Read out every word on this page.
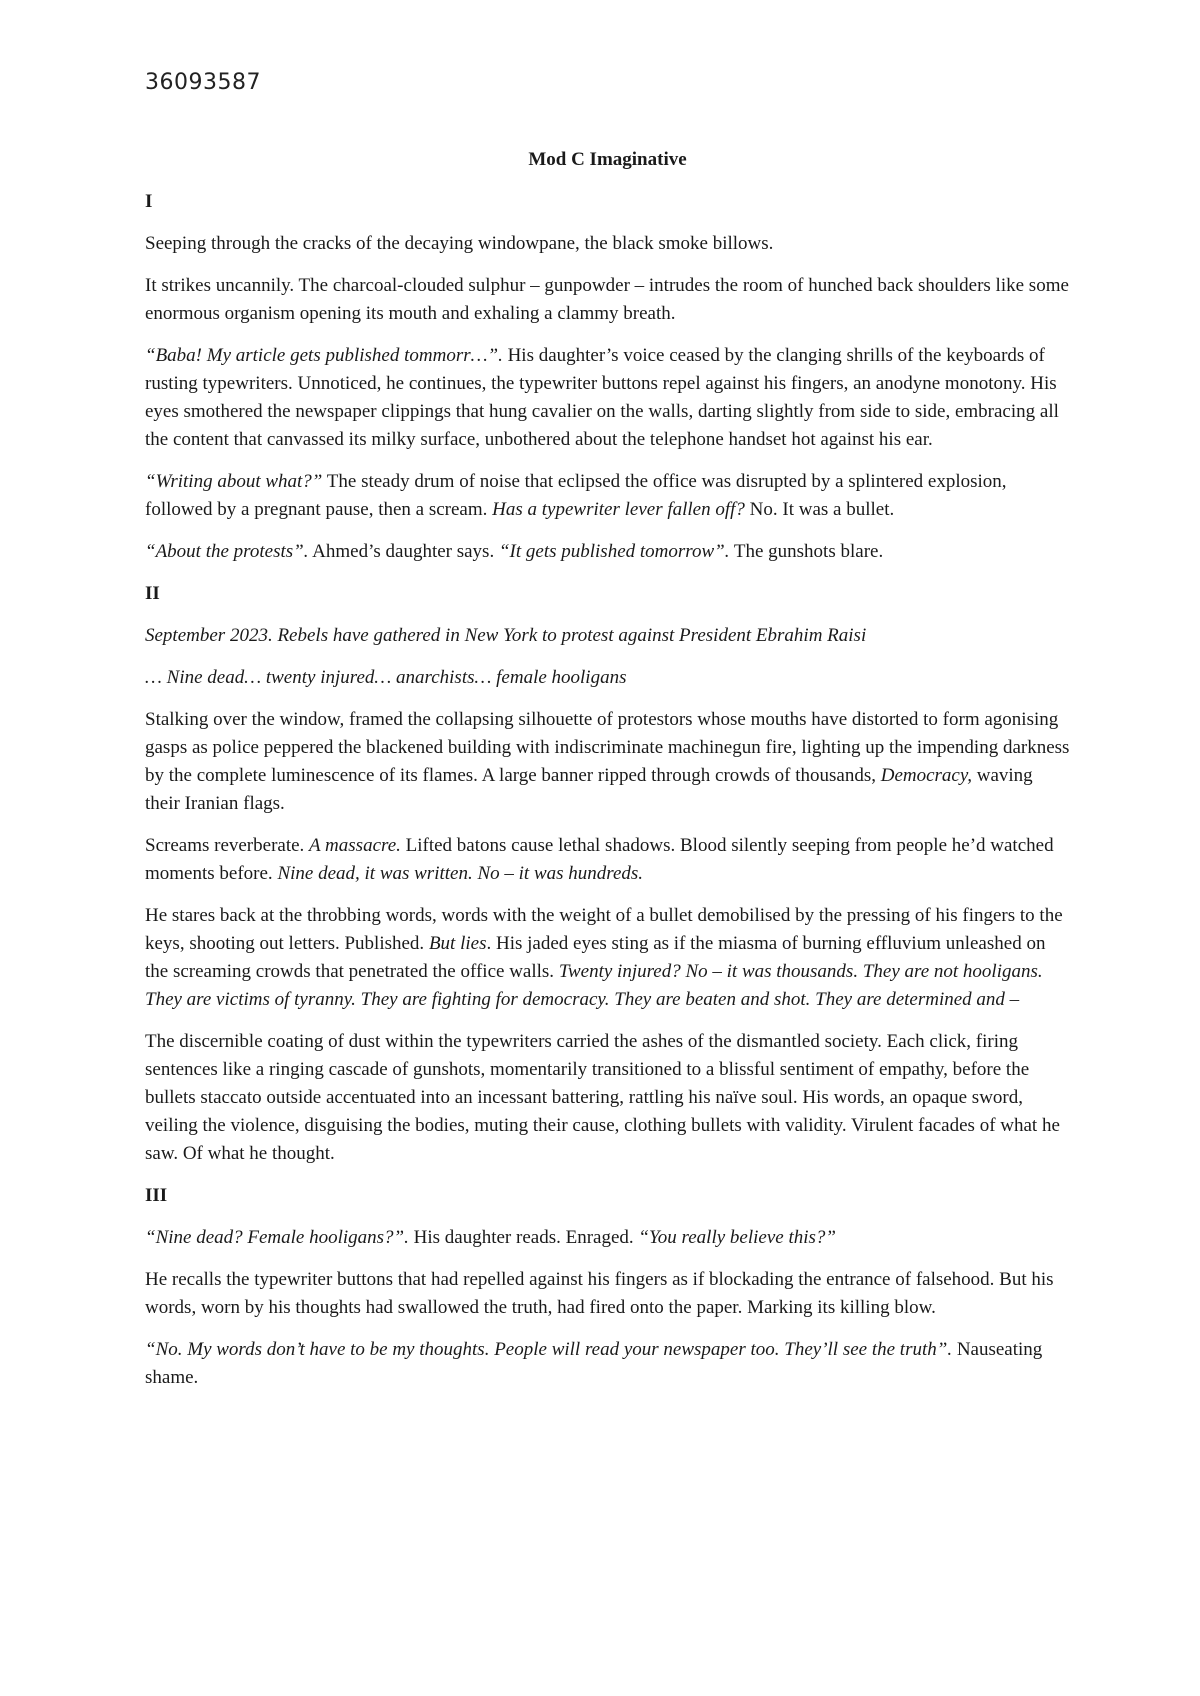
36093587
Mod C Imaginative
I

Seeping through the cracks of the decaying windowpane, the black smoke billows.

It strikes uncannily. The charcoal-clouded sulphur – gunpowder – intrudes the room of hunched back shoulders like some enormous organism opening its mouth and exhaling a clammy breath.

“Baba! My article gets published tommorr…”. His daughter’s voice ceased by the clanging shrills of the keyboards of rusting typewriters. Unnoticed, he continues, the typewriter buttons repel against his fingers, an anodyne monotony. His eyes smothered the newspaper clippings that hung cavalier on the walls, darting slightly from side to side, embracing all the content that canvassed its milky surface, unbothered about the telephone handset hot against his ear.

“Writing about what?” The steady drum of noise that eclipsed the office was disrupted by a splintered explosion, followed by a pregnant pause, then a scream. Has a typewriter lever fallen off? No. It was a bullet.

“About the protests”. Ahmed’s daughter says. “It gets published tomorrow”. The gunshots blare.

II

September 2023. Rebels have gathered in New York to protest against President Ebrahim Raisi

… Nine dead… twenty injured… anarchists… female hooligans

Stalking over the window, framed the collapsing silhouette of protestors whose mouths have distorted to form agonising gasps as police peppered the blackened building with indiscriminate machinegun fire, lighting up the impending darkness by the complete luminescence of its flames. A large banner ripped through crowds of thousands, Democracy, waving their Iranian flags.

Screams reverberate. A massacre. Lifted batons cause lethal shadows. Blood silently seeping from people he’d watched moments before. Nine dead, it was written. No – it was hundreds.

He stares back at the throbbing words, words with the weight of a bullet demobilised by the pressing of his fingers to the keys, shooting out letters. Published. But lies. His jaded eyes sting as if the miasma of burning effluvium unleashed on the screaming crowds that penetrated the office walls. Twenty injured? No – it was thousands. They are not hooligans. They are victims of tyranny. They are fighting for democracy. They are beaten and shot. They are determined and –

The discernible coating of dust within the typewriters carried the ashes of the dismantled society. Each click, firing sentences like a ringing cascade of gunshots, momentarily transitioned to a blissful sentiment of empathy, before the bullets staccato outside accentuated into an incessant battering, rattling his naïve soul. His words, an opaque sword, veiling the violence, disguising the bodies, muting their cause, clothing bullets with validity. Virulent facades of what he saw. Of what he thought.

III

“Nine dead? Female hooligans?”. His daughter reads. Enraged. “You really believe this?”

He recalls the typewriter buttons that had repelled against his fingers as if blockading the entrance of falsehood. But his words, worn by his thoughts had swallowed the truth, had fired onto the paper. Marking its killing blow.

“No. My words don’t have to be my thoughts. People will read your newspaper too. They’ll see the truth”. Nauseating shame.
